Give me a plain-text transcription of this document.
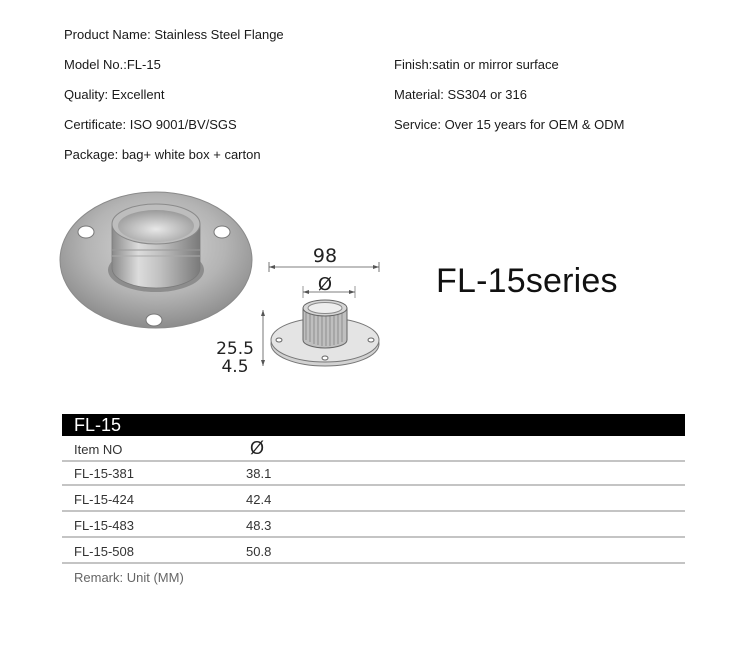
Product Name: Stainless Steel Flange
Model No.:FL-15
Quality: Excellent
Certificate: ISO 9001/BV/SGS
Package: bag+ white box + carton
Finish:satin or mirror surface
Material: SS304 or 316
Service: Over 15 years for OEM & ODM
98
Ø
25.5
4.5
FL-15series
FL-15
Item NO	Ø
FL-15-381	38.1
FL-15-424	42.4
FL-15-483	48.3
FL-15-508	50.8
Remark: Unit (MM)
